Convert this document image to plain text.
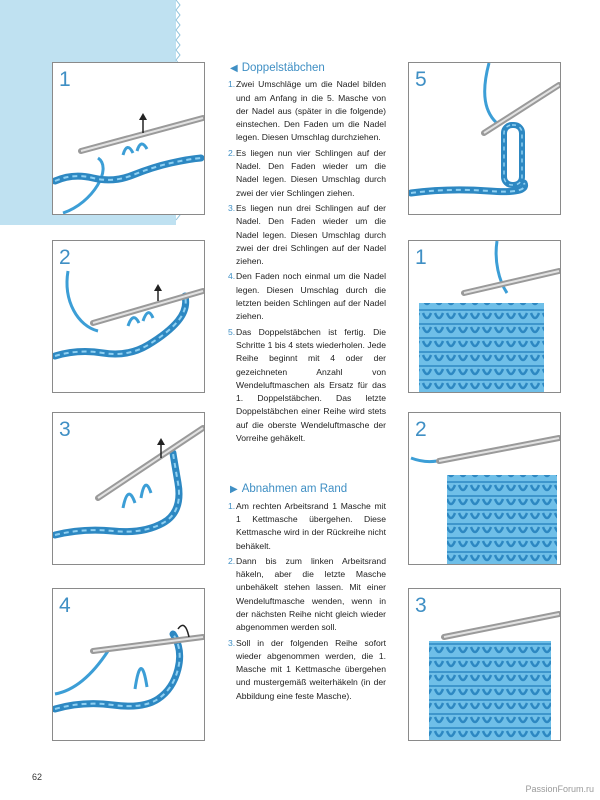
1
2
3
4
◀ Doppelstäbchen
1. Zwei Umschläge um die Nadel bilden und am Anfang in die 5. Masche von der Nadel aus (später in die folgende) einstechen. Den Faden um die Nadel legen. Diesen Umschlag durchziehen.
2. Es liegen nun vier Schlingen auf der Nadel. Den Faden wieder um die Nadel legen. Diesen Umschlag durch zwei der vier Schlingen ziehen.
3. Es liegen nun drei Schlingen auf der Nadel. Den Faden wieder um die Nadel legen. Diesen Umschlag durch zwei der drei Schlingen auf der Nadel ziehen.
4. Den Faden noch einmal um die Nadel legen. Diesen Umschlag durch die letzten beiden Schlingen auf der Nadel ziehen.
5. Das Doppelstäbchen ist fertig. Die Schritte 1 bis 4 stets wiederholen. Jede Reihe beginnt mit 4 oder der gezeichneten Anzahl von Wendeluftmaschen als Ersatz für das 1. Doppelstäbchen. Das letzte Doppelstäbchen einer Reihe wird stets auf die oberste Wendeluftmasche der Vorreihe gehäkelt.
▶ Abnahmen am Rand
1. Am rechten Arbeitsrand 1 Masche mit 1 Kettmasche übergehen. Diese Kettmasche wird in der Rückreihe nicht behäkelt.
2. Dann bis zum linken Arbeitsrand häkeln, aber die letzte Masche unbehäkelt stehen lassen. Mit einer Wendeluftmasche wenden, wenn in der nächsten Reihe nicht gleich wieder abgenommen werden soll.
3. Soll in der folgenden Reihe sofort wieder abgenommen werden, die 1. Masche mit 1 Kettmasche übergehen und mustergemäß weiterhäkeln (in der Abbildung eine feste Masche).
5
1
2
3
62
PassionForum.ru
